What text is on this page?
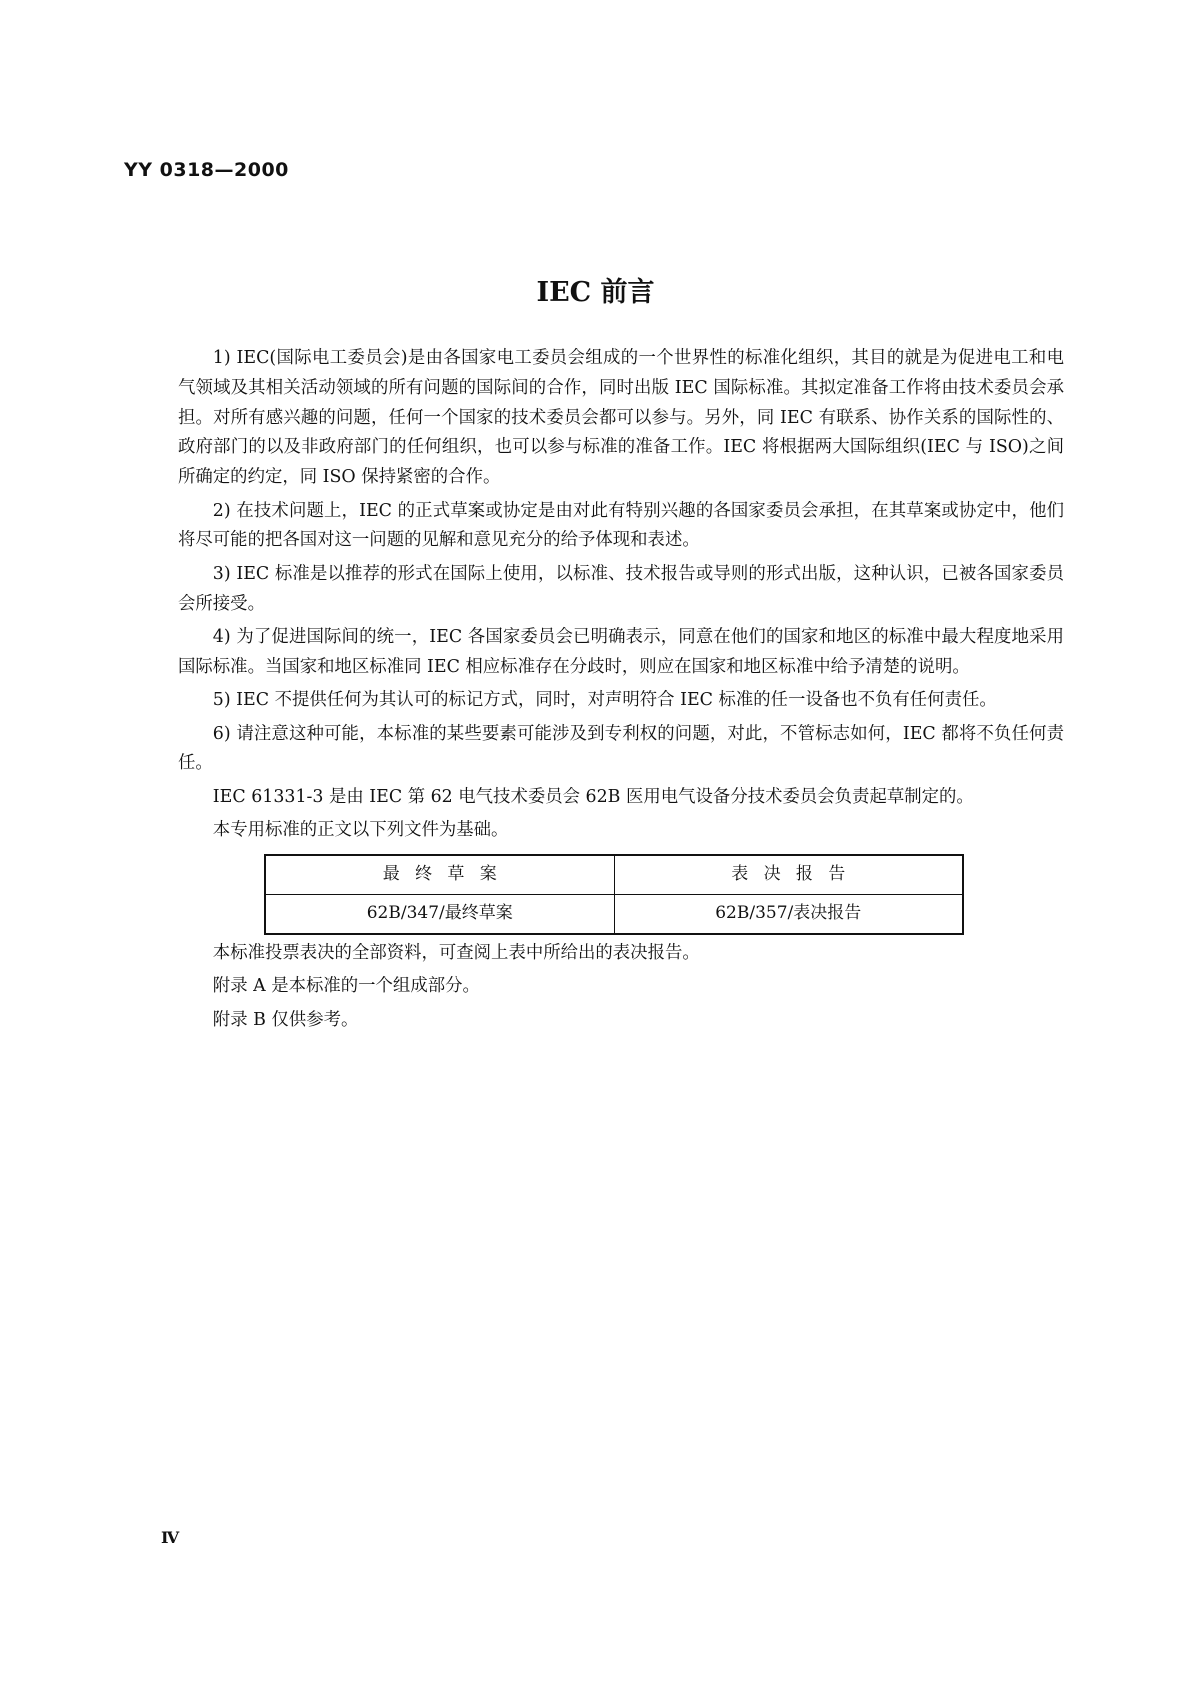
YY 0318—2000
IEC 前言

1) IEC(国际电工委员会)是由各国家电工委员会组成的一个世界性的标准化组织，其目的就是为促进电工和电气领域及其相关活动领域的所有问题的国际间的合作，同时出版 IEC 国际标准。其拟定准备工作将由技术委员会承担。对所有感兴趣的问题，任何一个国家的技术委员会都可以参与。另外，同 IEC 有联系、协作关系的国际性的、政府部门的以及非政府部门的任何组织，也可以参与标准的准备工作。IEC 将根据两大国际组织(IEC 与 ISO)之间所确定的约定，同 ISO 保持紧密的合作。

2) 在技术问题上，IEC 的正式草案或协定是由对此有特别兴趣的各国家委员会承担，在其草案或协定中，他们将尽可能的把各国对这一问题的见解和意见充分的给予体现和表述。

3) IEC 标准是以推荐的形式在国际上使用，以标准、技术报告或导则的形式出版，这种认识，已被各国家委员会所接受。

4) 为了促进国际间的统一，IEC 各国家委员会已明确表示，同意在他们的国家和地区的标准中最大程度地采用国际标准。当国家和地区标准同 IEC 相应标准存在分歧时，则应在国家和地区标准中给予清楚的说明。

5) IEC 不提供任何为其认可的标记方式，同时，对声明符合 IEC 标准的任一设备也不负有任何责任。

6) 请注意这种可能，本标准的某些要素可能涉及到专利权的问题，对此，不管标志如何，IEC 都将不负任何责任。

IEC 61331-3 是由 IEC 第 62 电气技术委员会 62B 医用电气设备分技术委员会负责起草制定的。

本专用标准的正文以下列文件为基础。

最终草案	表决报告
62B/347/最终草案	62B/357/表决报告

本标准投票表决的全部资料，可查阅上表中所给出的表决报告。

附录 A 是本标准的一个组成部分。

附录 B 仅供参考。

Ⅳ
